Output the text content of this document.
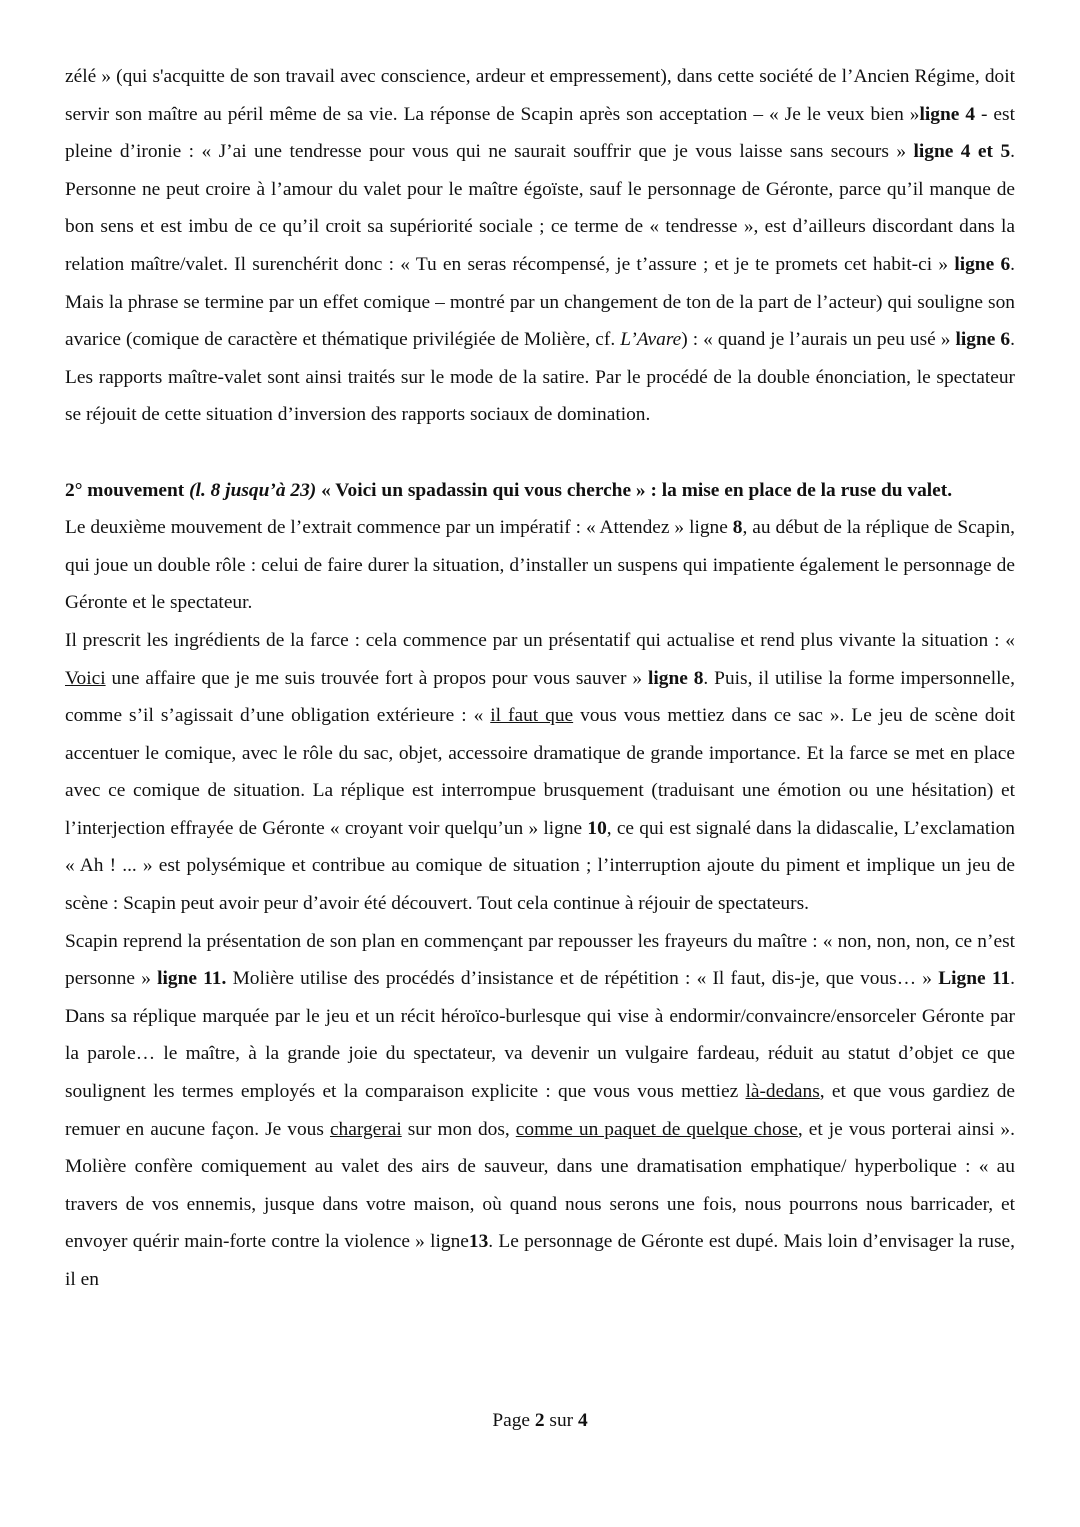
zélé » (qui s'acquitte de son travail avec conscience, ardeur et empressement), dans cette société de l’Ancien Régime, doit servir son maître au péril même de sa vie. La réponse de Scapin après son acceptation – « Je le veux bien »ligne 4 - est pleine d’ironie : « J’ai une tendresse pour vous qui ne saurait souffrir que je vous laisse sans secours » ligne 4 et 5. Personne ne peut croire à l’amour du valet pour le maître égoïste, sauf le personnage de Géronte, parce qu’il manque de bon sens et est imbu de ce qu’il croit sa supériorité sociale ; ce terme de « tendresse », est d’ailleurs discordant dans la relation maître/valet. Il surenchérit donc : « Tu en seras récompensé, je t’assure ; et je te promets cet habit-ci » ligne 6. Mais la phrase se termine par un effet comique – montré par un changement de ton de la part de l’acteur) qui souligne son avarice (comique de caractère et thématique privilégiée de Molière, cf. L’Avare) : « quand je l’aurais un peu usé » ligne 6. Les rapports maître-valet sont ainsi traités sur le mode de la satire. Par le procédé de la double énonciation, le spectateur se réjouit de cette situation d’inversion des rapports sociaux de domination.

2° mouvement (l. 8 jusqu’à 23) « Voici un spadassin qui vous cherche » : la mise en place de la ruse du valet.

Le deuxième mouvement de l’extrait commence par un impératif : « Attendez » ligne 8, au début de la réplique de Scapin, qui joue un double rôle : celui de faire durer la situation, d’installer un suspens qui impatiente également le personnage de Géronte et le spectateur.

Il prescrit les ingrédients de la farce : cela commence par un présentatif qui actualise et rend plus vivante la situation : « Voici une affaire que je me suis trouvée fort à propos pour vous sauver » ligne 8. Puis, il utilise la forme impersonnelle, comme s’il s’agissait d’une obligation extérieure : « il faut que vous vous mettiez dans ce sac ». Le jeu de scène doit accentuer le comique, avec le rôle du sac, objet, accessoire dramatique de grande importance. Et la farce se met en place avec ce comique de situation. La réplique est interrompue brusquement (traduisant une émotion ou une hésitation) et l’interjection effrayée de Géronte « croyant voir quelqu’un » ligne 10, ce qui est signalé dans la didascalie, L’exclamation « Ah ! ... » est polysémique et contribue au comique de situation ; l’interruption ajoute du piment et implique un jeu de scène : Scapin peut avoir peur d’avoir été découvert. Tout cela continue à réjouir de spectateurs.

Scapin reprend la présentation de son plan en commençant par repousser les frayeurs du maître : « non, non, non, ce n’est personne » ligne 11. Molière utilise des procédés d’insistance et de répétition : « Il faut, dis-je, que vous… » Ligne 11. Dans sa réplique marquée par le jeu et un récit héroïco-burlesque qui vise à endormir/convaincre/ensorceler Géronte par la parole… le maître, à la grande joie du spectateur, va devenir un vulgaire fardeau, réduit au statut d’objet ce que soulignent les termes employés et la comparaison explicite : que vous vous mettiez là-dedans, et que vous gardiez de remuer en aucune façon. Je vous chargerai sur mon dos, comme un paquet de quelque chose, et je vous porterai ainsi ». Molière confère comiquement au valet des airs de sauveur, dans une dramatisation emphatique/ hyperbolique : « au travers de vos ennemis, jusque dans votre maison, où quand nous serons une fois, nous pourrons nous barricader, et envoyer quérir main-forte contre la violence » ligne13. Le personnage de Géronte est dupé. Mais loin d’envisager la ruse, il en

Page 2 sur 4
